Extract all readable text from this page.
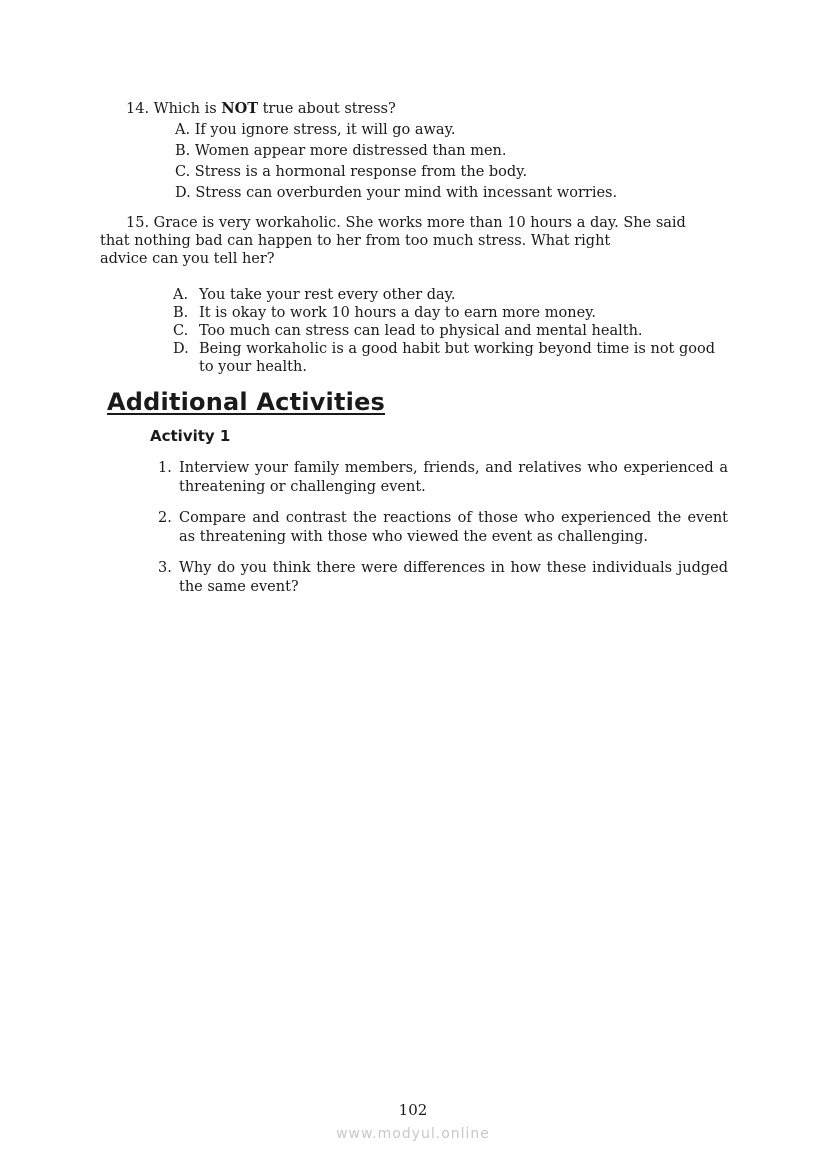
14. Which is NOT true about stress?
A. If you ignore stress, it will go away.
B. Women appear more distressed than men.
C. Stress is a hormonal response from the body.
D. Stress can overburden your mind with incessant worries.
15. Grace is very workaholic. She works more than 10 hours a day. She said
that nothing bad can happen to her from too much stress. What right
advice can you tell her?
A. You take your rest every other day.
B. It is okay to work 10 hours a day to earn more money.
C. Too much can stress can lead to physical and mental health.
D. Being workaholic is a good habit but working beyond time is not good
to your health.
Additional Activities
Activity 1
1. Interview your family members, friends, and relatives who experienced a threatening or challenging event.
2. Compare and contrast the reactions of those who experienced the event as threatening with those who viewed the event as challenging.
3. Why do you think there were differences in how these individuals judged the same event?
102
www.modyul.online
